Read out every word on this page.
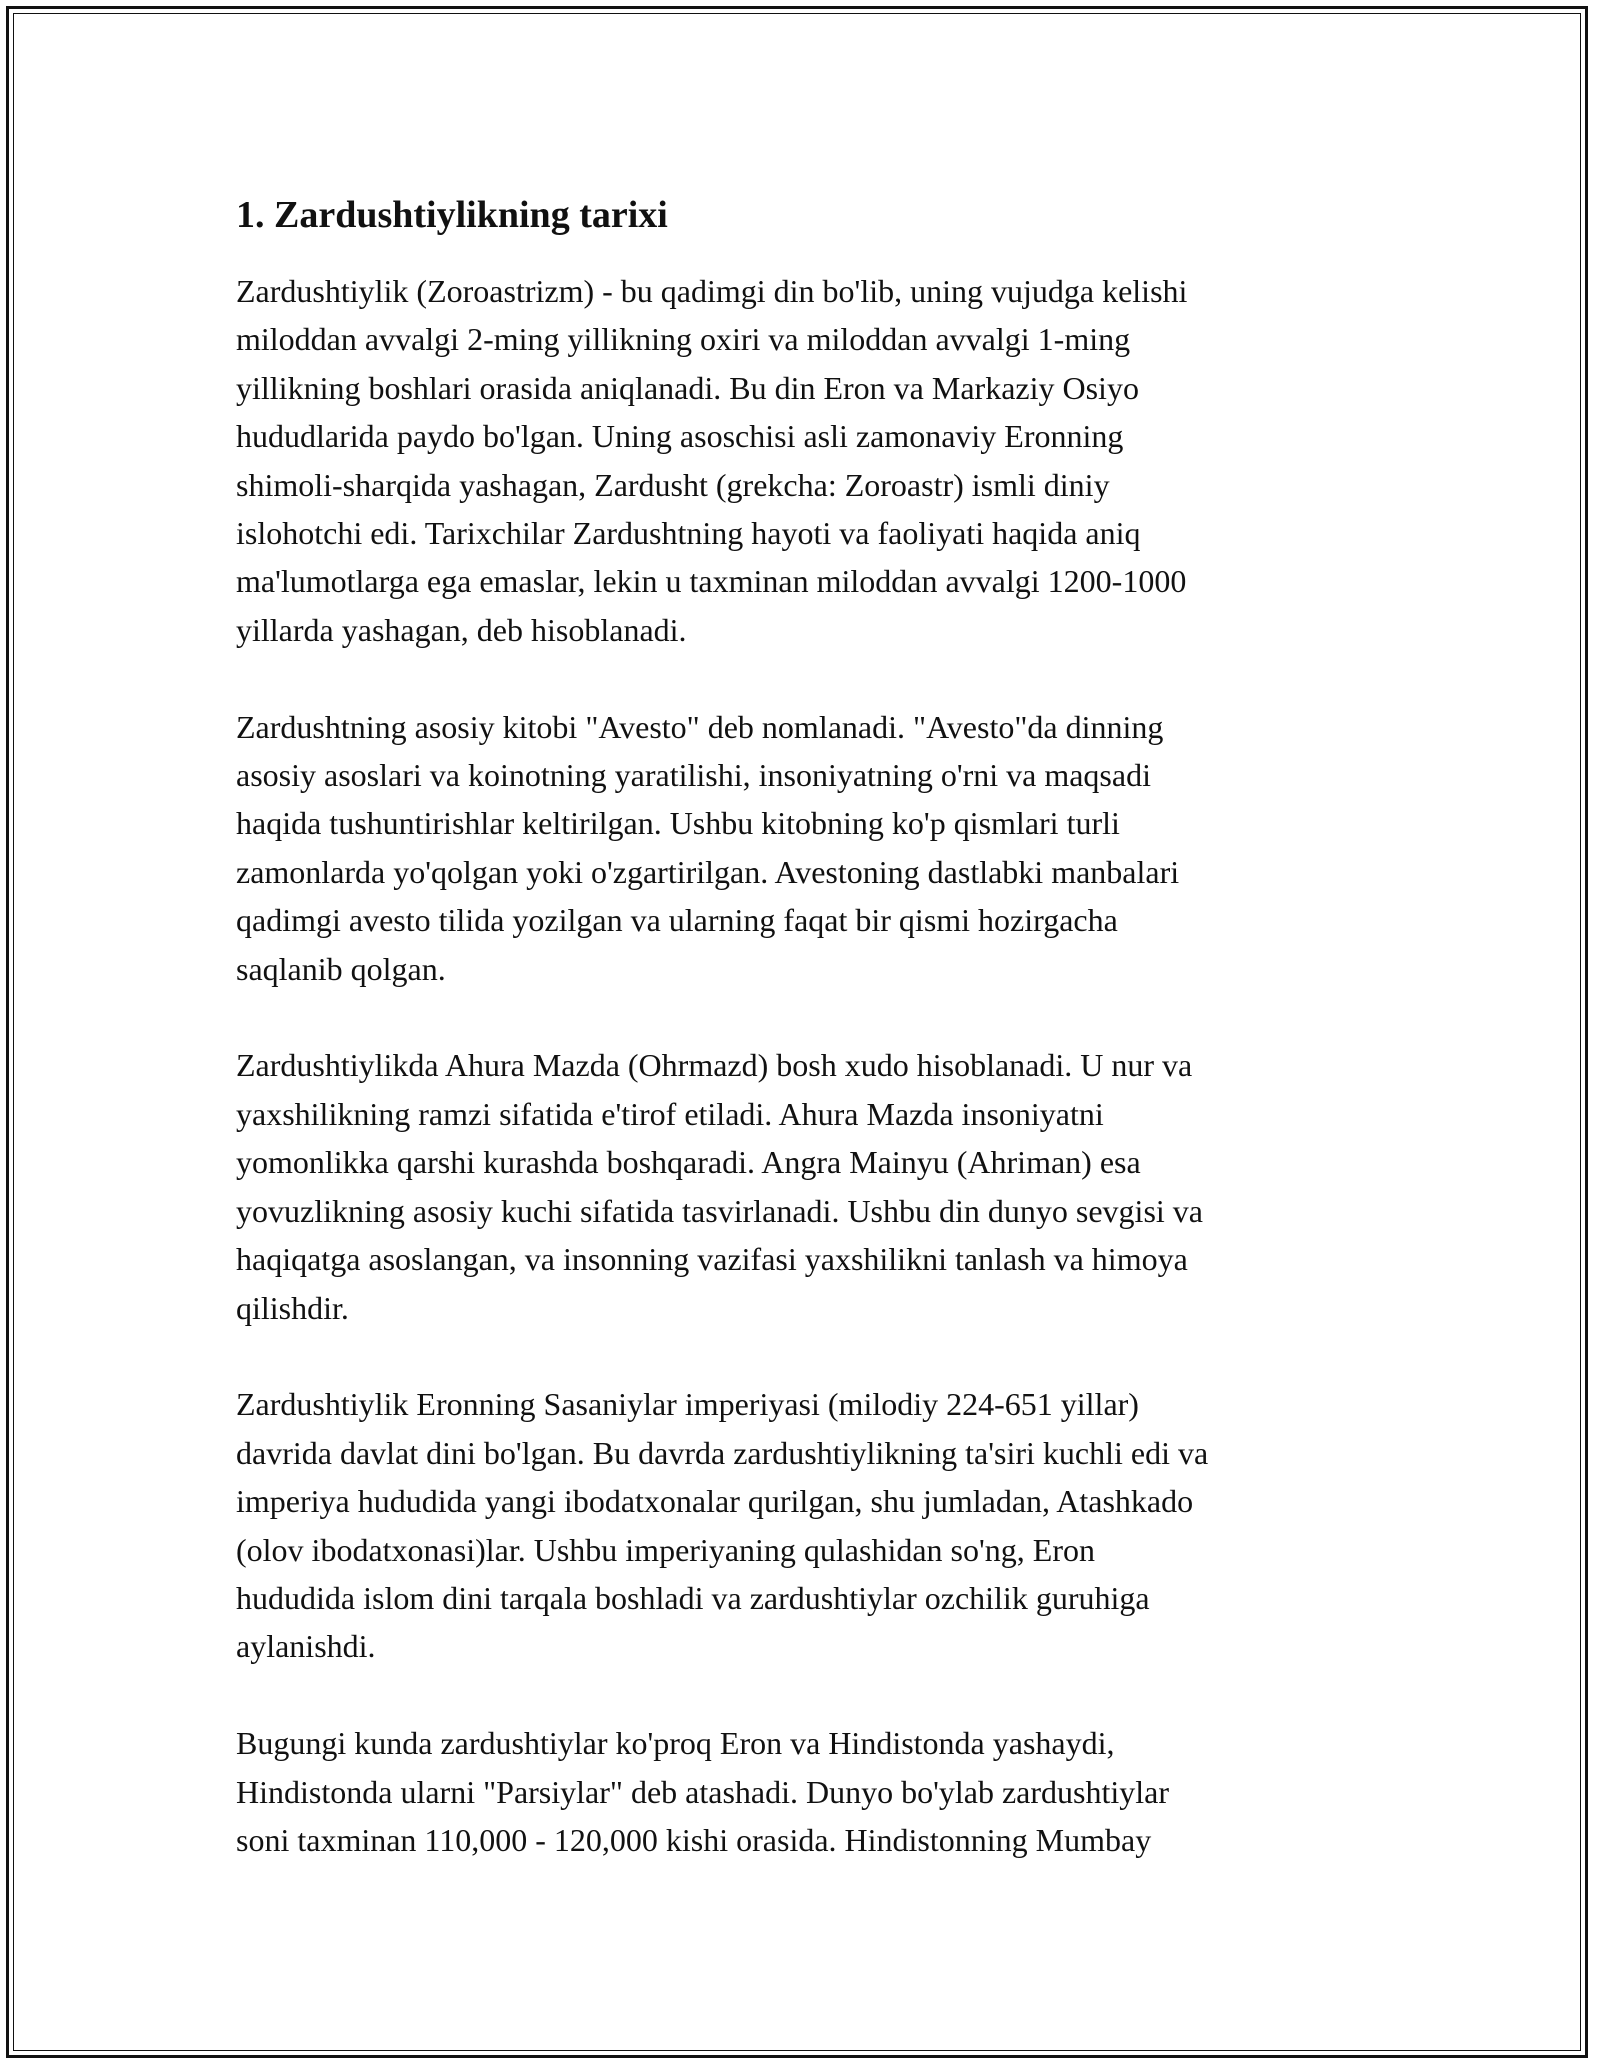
1. Zardushtiylikning tarixi

Zardushtiylik (Zoroastrizm) - bu qadimgi din bo'lib, uning vujudga kelishi
miloddan avvalgi 2-ming yillikning oxiri va miloddan avvalgi 1-ming
yillikning boshlari orasida aniqlanadi. Bu din Eron va Markaziy Osiyo
hududlarida paydo bo'lgan. Uning asoschisi asli zamonaviy Eronning
shimoli-sharqida yashagan, Zardusht (grekcha: Zoroastr) ismli diniy
islohotchi edi. Tarixchilar Zardushtning hayoti va faoliyati haqida aniq
ma'lumotlarga ega emaslar, lekin u taxminan miloddan avvalgi 1200-1000
yillarda yashagan, deb hisoblanadi.

Zardushtning asosiy kitobi "Avesto" deb nomlanadi. "Avesto"da dinning
asosiy asoslari va koinotning yaratilishi, insoniyatning o'rni va maqsadi
haqida tushuntirishlar keltirilgan. Ushbu kitobning ko'p qismlari turli
zamonlarda yo'qolgan yoki o'zgartirilgan. Avestoning dastlabki manbalari
qadimgi avesto tilida yozilgan va ularning faqat bir qismi hozirgacha
saqlanib qolgan.

Zardushtiylikda Ahura Mazda (Ohrmazd) bosh xudo hisoblanadi. U nur va
yaxshilikning ramzi sifatida e'tirof etiladi. Ahura Mazda insoniyatni
yomonlikka qarshi kurashda boshqaradi. Angra Mainyu (Ahriman) esa
yovuzlikning asosiy kuchi sifatida tasvirlanadi. Ushbu din dunyo sevgisi va
haqiqatga asoslangan, va insonning vazifasi yaxshilikni tanlash va himoya
qilishdir.

Zardushtiylik Eronning Sasaniylar imperiyasi (milodiy 224-651 yillar)
davrida davlat dini bo'lgan. Bu davrda zardushtiylikning ta'siri kuchli edi va
imperiya hududida yangi ibodatxonalar qurilgan, shu jumladan, Atashkado
(olov ibodatxonasi)lar. Ushbu imperiyaning qulashidan so'ng, Eron
hududida islom dini tarqala boshladi va zardushtiylar ozchilik guruhiga
aylanishdi.

Bugungi kunda zardushtiylar ko'proq Eron va Hindistonda yashaydi,
Hindistonda ularni "Parsiylar" deb atashadi. Dunyo bo'ylab zardushtiylar
soni taxminan 110,000 - 120,000 kishi orasida. Hindistonning Mumbay
